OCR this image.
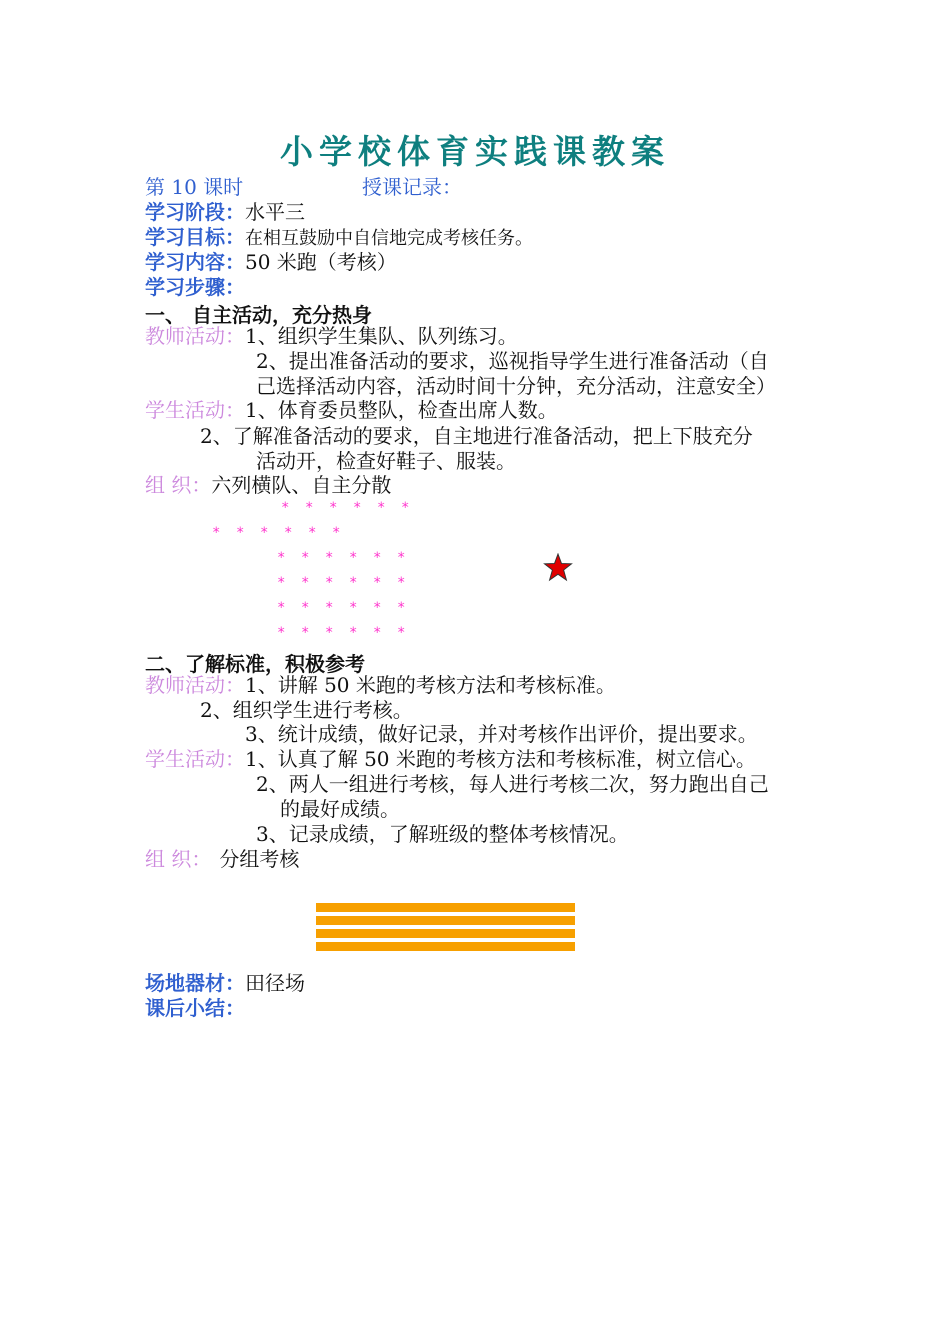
小学校体育实践课教案
第 10 课时	授课记录：
学习阶段：水平三
学习目标：在相互鼓励中自信地完成考核任务。
学习内容：50 米跑（考核）
学习步骤：
一、 自主活动，充分热身
教师活动：1、组织学生集队、队列练习。
2、提出准备活动的要求，巡视指导学生进行准备活动（自
己选择活动内容，活动时间十分钟，充分活动，注意安全）
学生活动：1、体育委员整队，检查出席人数。
2、了解准备活动的要求，自主地进行准备活动，把上下肢充分
活动开，检查好鞋子、服装。
组 织：六列横队、自主分散
* * * * * *
* * * * * *
* * * * * *
* * * * * *
* * * * * *
* * * * * *
二、了解标准，积极参考
教师活动：1、讲解 50 米跑的考核方法和考核标准。
2、组织学生进行考核。
3、统计成绩，做好记录，并对考核作出评价，提出要求。
学生活动：1、认真了解 50 米跑的考核方法和考核标准，树立信心。
2、两人一组进行考核，每人进行考核二次，努力跑出自己
的最好成绩。
3、记录成绩，了解班级的整体考核情况。
组 织： 分组考核
场地器材：田径场
课后小结：
